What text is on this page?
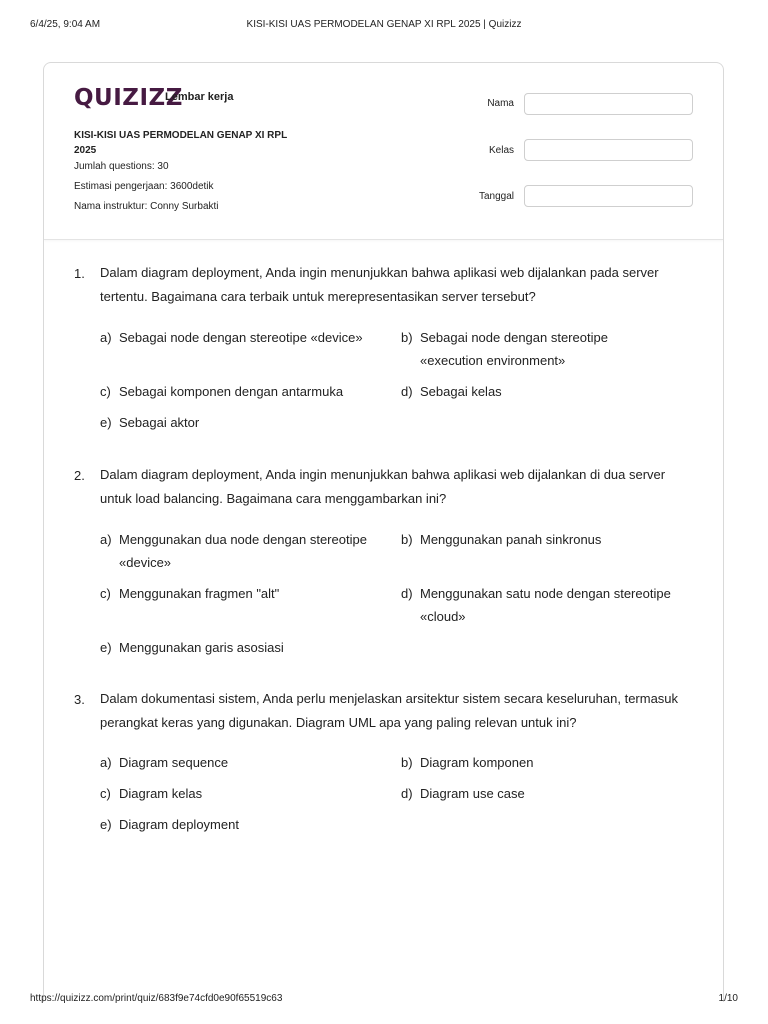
6/4/25, 9:04 AM	KISI-KISI UAS PERMODELAN GENAP XI RPL 2025 | Quizizz
QUIZIZZ
Lembar kerja
KISI-KISI UAS PERMODELAN GENAP XI RPL
2025
Jumlah questions: 30
Estimasi pengerjaan: 3600detik
Nama instruktur: Conny Surbakti
Nama
Kelas
Tanggal
1. Dalam diagram deployment, Anda ingin menunjukkan bahwa aplikasi web dijalankan pada server tertentu. Bagaimana cara terbaik untuk merepresentasikan server tersebut?
a) Sebagai node dengan stereotipe «device»	b) Sebagai node dengan stereotipe «execution environment»
c) Sebagai komponen dengan antarmuka	d) Sebagai kelas
e) Sebagai aktor
2. Dalam diagram deployment, Anda ingin menunjukkan bahwa aplikasi web dijalankan di dua server untuk load balancing. Bagaimana cara menggambarkan ini?
a) Menggunakan dua node dengan stereotipe «device»
b) Menggunakan panah sinkronus
c) Menggunakan fragmen "alt"	d) Menggunakan satu node dengan stereotipe «cloud»
e) Menggunakan garis asosiasi
3. Dalam dokumentasi sistem, Anda perlu menjelaskan arsitektur sistem secara keseluruhan, termasuk perangkat keras yang digunakan. Diagram UML apa yang paling relevan untuk ini?
a) Diagram sequence	b) Diagram komponen
c) Diagram kelas	d) Diagram use case
e) Diagram deployment
https://quizizz.com/print/quiz/683f9e74cfd0e90f65519c63	1/10
